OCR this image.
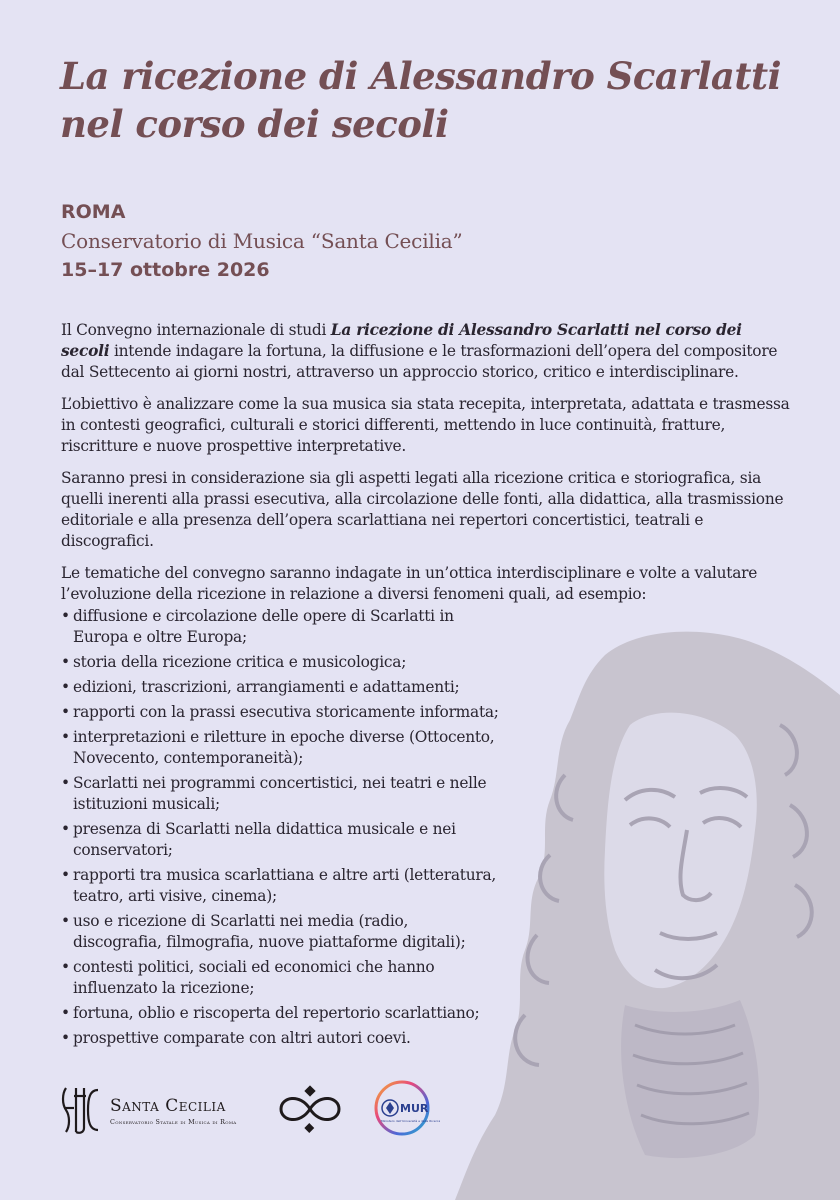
La ricezione di Alessandro Scarlatti
nel corso dei secoli
ROMA
Conservatorio di Musica “Santa Cecilia”
15–17 ottobre 2026

Il Convegno internazionale di studi La ricezione di Alessandro Scarlatti nel corso dei secoli intende indagare la fortuna, la diffusione e le trasformazioni dell’opera del compositore dal Settecento ai giorni nostri, attraverso un approccio storico, critico e interdisciplinare.

L’obiettivo è analizzare come la sua musica sia stata recepita, interpretata, adattata e trasmessa in contesti geografici, culturali e storici differenti, mettendo in luce continuità, fratture, riscritture e nuove prospettive interpretative.

Saranno presi in considerazione sia gli aspetti legati alla ricezione critica e storiografica, sia quelli inerenti alla prassi esecutiva, alla circolazione delle fonti, alla didattica, alla trasmissione editoriale e alla presenza dell’opera scarlattiana nei repertori concertistici, teatrali e discografici.

Le tematiche del convegno saranno indagate in un’ottica interdisciplinare e volte a valutare l’evoluzione della ricezione in relazione a diversi fenomeni quali, ad esempio:

• diffusione e circolazione delle opere di Scarlatti in Europa e oltre Europa;
• storia della ricezione critica e musicologica;
• edizioni, trascrizioni, arrangiamenti e adattamenti;
• rapporti con la prassi esecutiva storicamente informata;
• interpretazioni e riletture in epoche diverse (Ottocento, Novecento, contemporaneità);
• Scarlatti nei programmi concertistici, nei teatri e nelle istituzioni musicali;
• presenza di Scarlatti nella didattica musicale e nei conservatori;
• rapporti tra musica scarlattiana e altre arti (letteratura, teatro, arti visive, cinema);
• uso e ricezione di Scarlatti nei media (radio, discografia, filmografia, nuove piattaforme digitali);
• contesti politici, sociali ed economici che hanno influenzato la ricezione;
• fortuna, oblio e riscoperta del repertorio scarlattiano;
• prospettive comparate con altri autori coevi.
Santa Cecilia
Conservatorio Statale di Musica di Roma
MUR
Ministero dell’Università e della Ricerca
